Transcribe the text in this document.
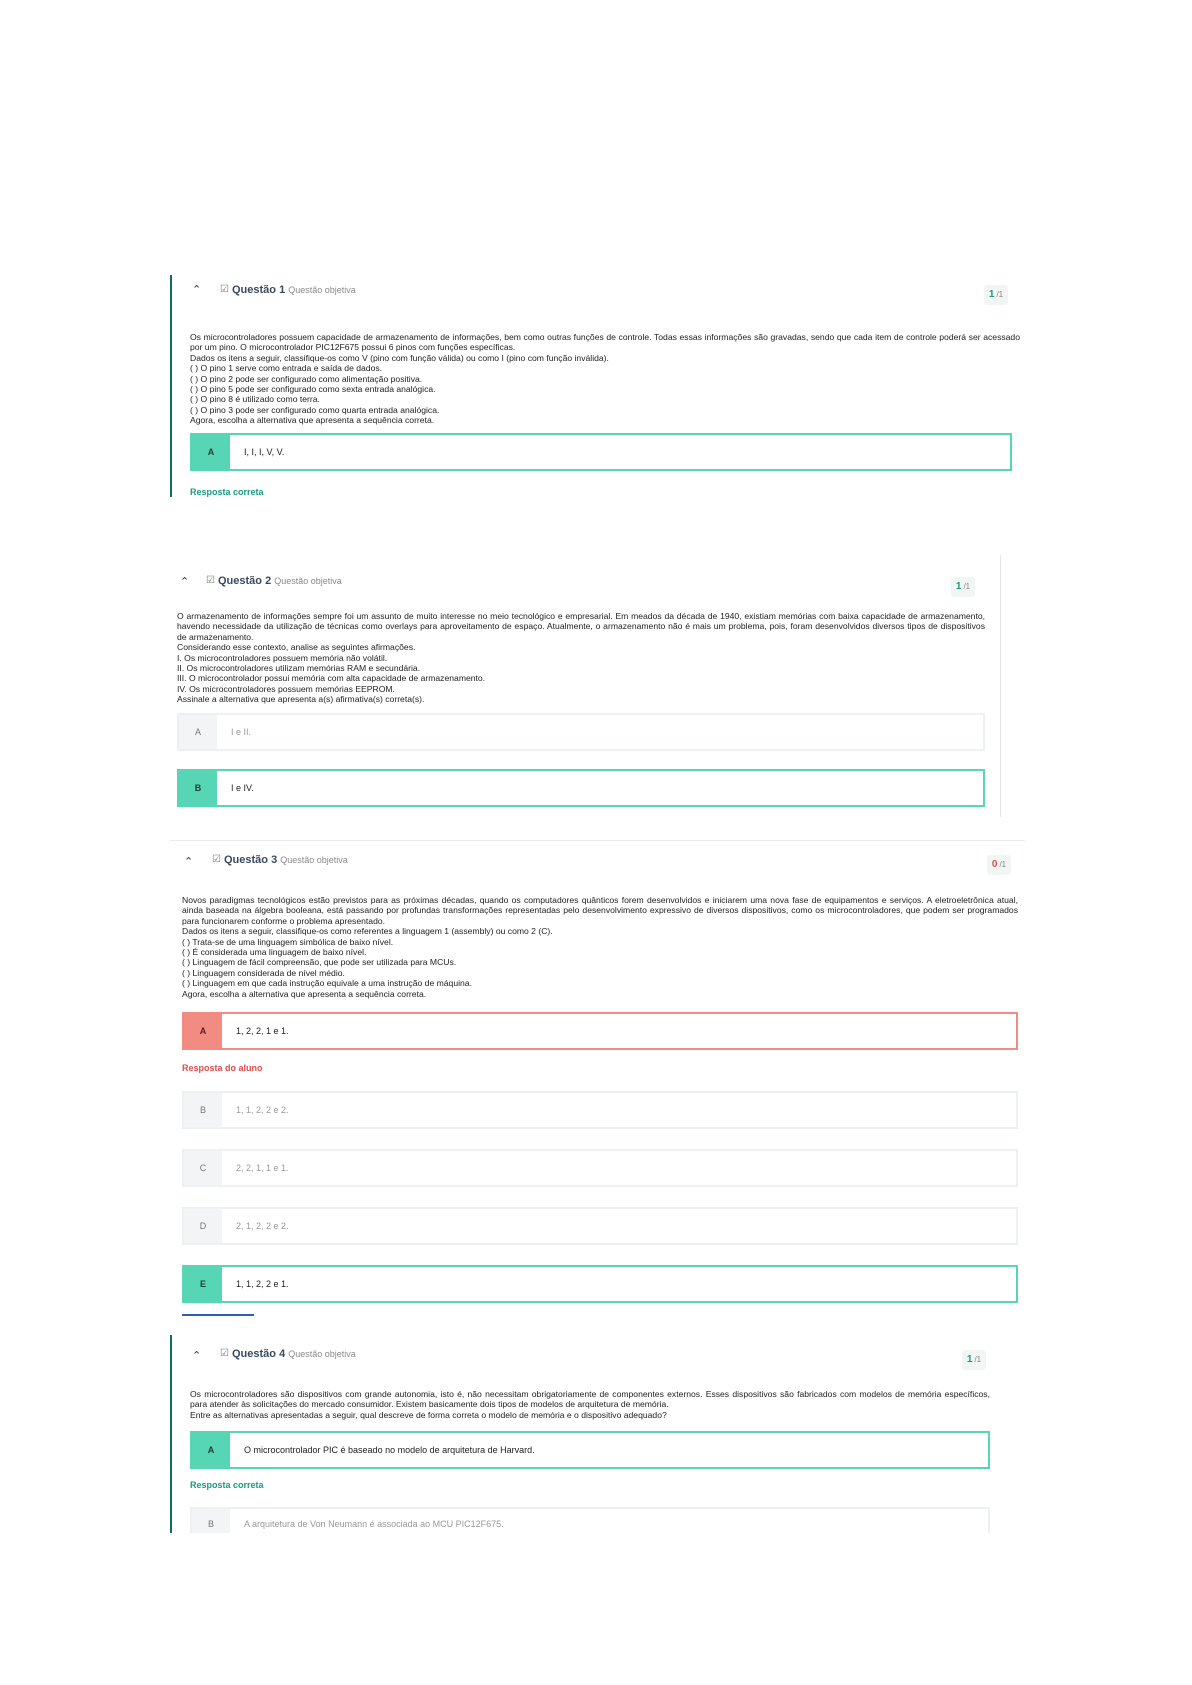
⌃ ☑ Questão 1 Questão objetiva	1 /1

Os microcontroladores possuem capacidade de armazenamento de informações, bem como outras funções de controle. Todas essas informações são gravadas, sendo que cada item de controle poderá ser acessado por um pino. O microcontrolador PIC12F675 possui 6 pinos com funções específicas.

Dados os itens a seguir, classifique-os como V (pino com função válida) ou como I (pino com função inválida).

( ) O pino 1 serve como entrada e saída de dados.

( ) O pino 2 pode ser configurado como alimentação positiva.

( ) O pino 5 pode ser configurado como sexta entrada analógica.

( ) O pino 8 é utilizado como terra.

( ) O pino 3 pode ser configurado como quarta entrada analógica.

Agora, escolha a alternativa que apresenta a sequência correta.

A	I, I, I, V, V.
Resposta correta
⌃ ☑ Questão 2 Questão objetiva	1 /1

O armazenamento de informações sempre foi um assunto de muito interesse no meio tecnológico e empresarial. Em meados da década de 1940, existiam memórias com baixa capacidade de armazenamento, havendo necessidade da utilização de técnicas como overlays para aproveitamento de espaço. Atualmente, o armazenamento não é mais um problema, pois, foram desenvolvidos diversos tipos de dispositivos de armazenamento.

Considerando esse contexto, analise as seguintes afirmações.

I. Os microcontroladores possuem memória não volátil.

II. Os microcontroladores utilizam memórias RAM e secundária.

III. O microcontrolador possui memória com alta capacidade de armazenamento.

IV. Os microcontroladores possuem memórias EEPROM.

Assinale a alternativa que apresenta a(s) afirmativa(s) correta(s).

A	I e II.
B	I e IV.
⌃ ☑ Questão 3 Questão objetiva	0 /1

Novos paradigmas tecnológicos estão previstos para as próximas décadas, quando os computadores quânticos forem desenvolvidos e iniciarem uma nova fase de equipamentos e serviços. A eletroeletrônica atual, ainda baseada na álgebra booleana, está passando por profundas transformações representadas pelo desenvolvimento expressivo de diversos dispositivos, como os microcontroladores, que podem ser programados para funcionarem conforme o problema apresentado.

Dados os itens a seguir, classifique-os como referentes a linguagem 1 (assembly) ou como 2 (C).

( ) Trata-se de uma linguagem simbólica de baixo nível.

( ) É considerada uma linguagem de baixo nível.

( ) Linguagem de fácil compreensão, que pode ser utilizada para MCUs.

( ) Linguagem considerada de nível médio.

( ) Linguagem em que cada instrução equivale a uma instrução de máquina.

Agora, escolha a alternativa que apresenta a sequência correta.

A	1, 2, 2, 1 e 1.
Resposta do aluno
B	1, 1, 2, 2 e 2.
C	2, 2, 1, 1 e 1.
D	2, 1, 2, 2 e 2.
E	1, 1, 2, 2 e 1.
⌃ ☑ Questão 4 Questão objetiva	1 /1

Os microcontroladores são dispositivos com grande autonomia, isto é, não necessitam obrigatoriamente de componentes externos. Esses dispositivos são fabricados com modelos de memória específicos, para atender às solicitações do mercado consumidor. Existem basicamente dois tipos de modelos de arquitetura de memória.

Entre as alternativas apresentadas a seguir, qual descreve de forma correta o modelo de memória e o dispositivo adequado?

A	O microcontrolador PIC é baseado no modelo de arquitetura de Harvard.
Resposta correta
B	A arquitetura de Von Neumann é associada ao MCU PIC12F675.
